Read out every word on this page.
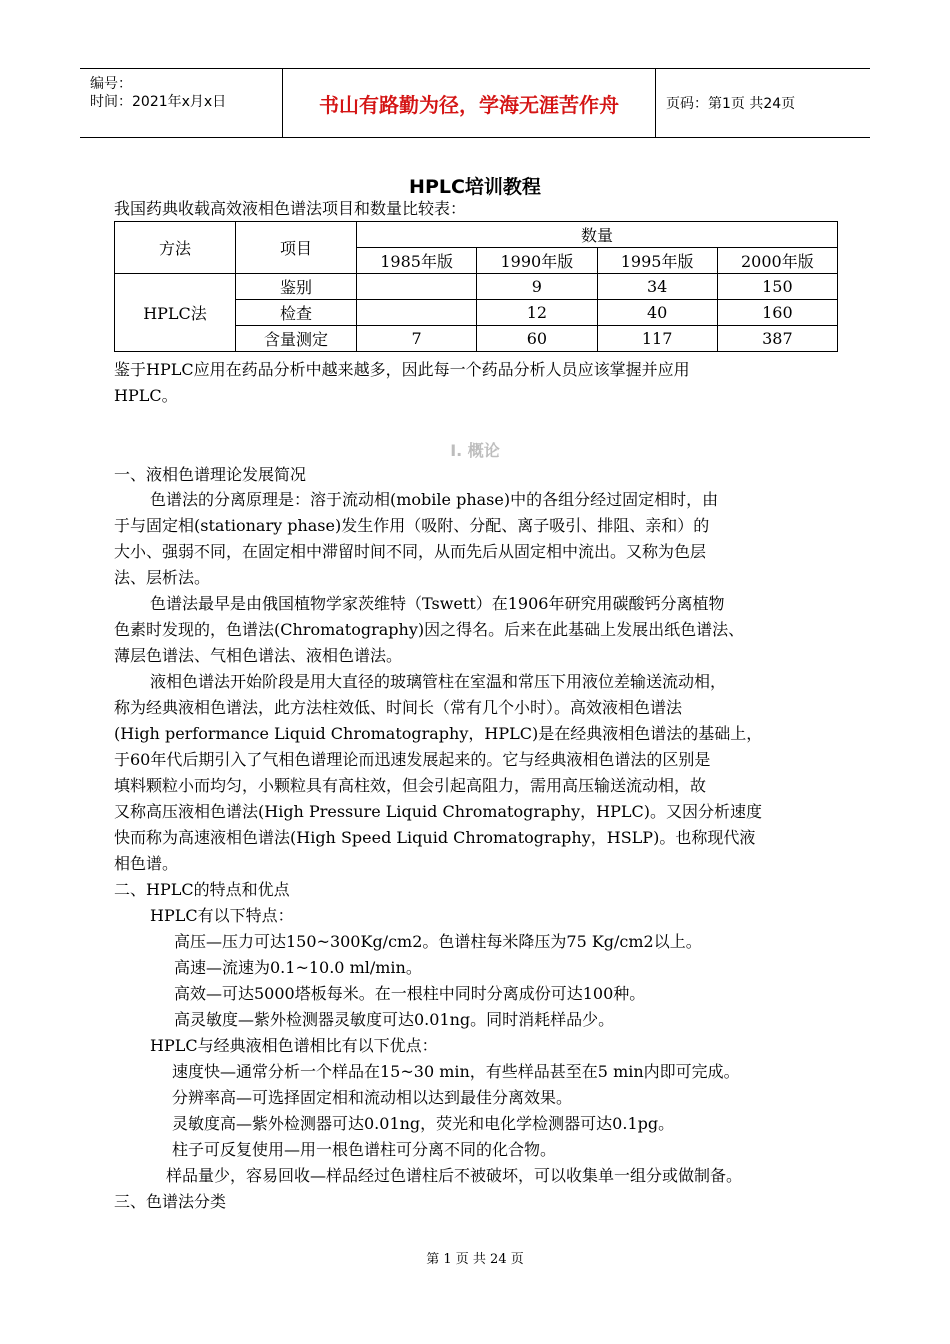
编号：
时间：2021年x月x日	书山有路勤为径，学海无涯苦作舟	页码：第1页 共24页
HPLC培训教程
我国药典收载高效液相色谱法项目和数量比较表：
方法	项目	数量			
		1985年版	1990年版	1995年版	2000年版
HPLC法	鉴别		9	34	150
	检查		12	40	160
	含量测定	7	60	117	387
鉴于HPLC应用在药品分析中越来越多，因此每一个药品分析人员应该掌握并应用
HPLC。
I. 概论
一、液相色谱理论发展简况
色谱法的分离原理是：溶于流动相(mobile phase)中的各组分经过固定相时，由
于与固定相(stationary phase)发生作用（吸附、分配、离子吸引、排阻、亲和）的
大小、强弱不同，在固定相中滞留时间不同，从而先后从固定相中流出。又称为色层
法、层析法。
色谱法最早是由俄国植物学家茨维特（Tswett）在1906年研究用碳酸钙分离植物
色素时发现的，色谱法(Chromatography)因之得名。后来在此基础上发展出纸色谱法、
薄层色谱法、气相色谱法、液相色谱法。
液相色谱法开始阶段是用大直径的玻璃管柱在室温和常压下用液位差输送流动相，
称为经典液相色谱法，此方法柱效低、时间长（常有几个小时）。高效液相色谱法
(High performance Liquid Chromatography，HPLC)是在经典液相色谱法的基础上，
于60年代后期引入了气相色谱理论而迅速发展起来的。它与经典液相色谱法的区别是
填料颗粒小而均匀，小颗粒具有高柱效，但会引起高阻力，需用高压输送流动相，故
又称高压液相色谱法(High Pressure Liquid Chromatography，HPLC)。又因分析速度
快而称为高速液相色谱法(High Speed Liquid Chromatography，HSLP)。也称现代液
相色谱。
二、HPLC的特点和优点
HPLC有以下特点：
高压—压力可达150~300Kg/cm2。色谱柱每米降压为75 Kg/cm2以上。
高速—流速为0.1~10.0 ml/min。
高效—可达5000塔板每米。在一根柱中同时分离成份可达100种。
高灵敏度—紫外检测器灵敏度可达0.01ng。同时消耗样品少。
HPLC与经典液相色谱相比有以下优点：
速度快—通常分析一个样品在15~30 min，有些样品甚至在5 min内即可完成。
分辨率高—可选择固定相和流动相以达到最佳分离效果。
灵敏度高—紫外检测器可达0.01ng，荧光和电化学检测器可达0.1pg。
柱子可反复使用—用一根色谱柱可分离不同的化合物。
样品量少，容易回收—样品经过色谱柱后不被破坏，可以收集单一组分或做制备。
三、色谱法分类
第 1 页 共 24 页
